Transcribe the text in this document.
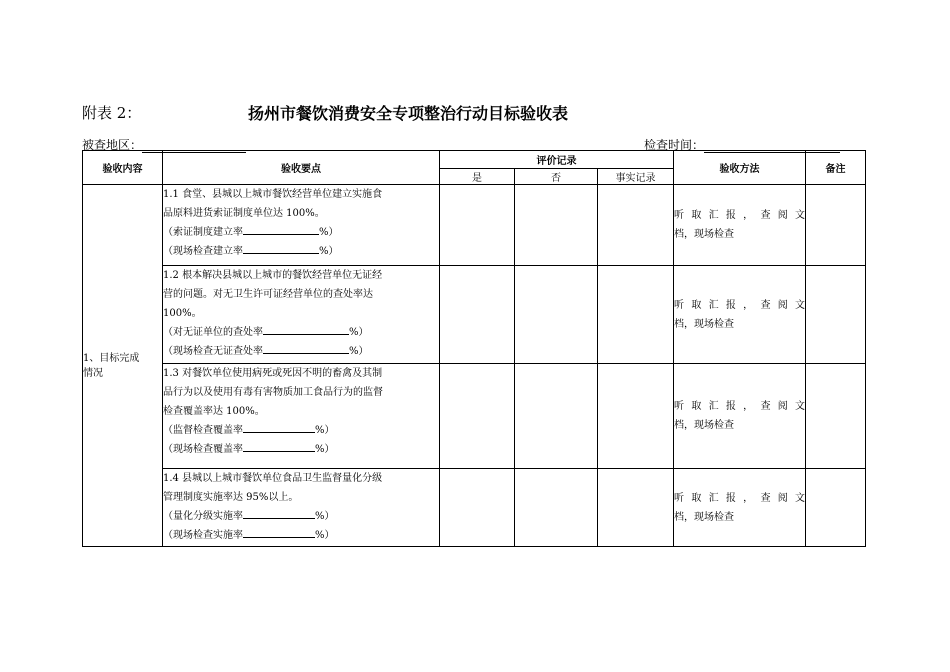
附表 2：	扬州市餐饮消费安全专项整治行动目标验收表
被查地区：	检查时间：
验收内容	验收要点	评价记录			验收方法	备注
		是	否	事实记录		

1、目标完成
情况	1.1 食堂、县城以上城市餐饮经营单位建立实施食
品原料进货索证制度单位达 100%。
（索证制度建立率 %）
（现场检查建立率 %）				听取汇报，查阅文
档，现场检查	

	1.2 根本解决县城以上城市的餐饮经营单位无证经
营的问题。对无卫生许可证经营单位的查处率达
100%。
（对无证单位的查处率 %）
（现场检查无证查处率 %）				听取汇报，查阅文
档，现场检查	

	1.3 对餐饮单位使用病死或死因不明的畜禽及其制
品行为以及使用有毒有害物质加工食品行为的监督
检查覆盖率达 100%。
（监督检查覆盖率 %）
（现场检查覆盖率 %）				听取汇报，查阅文
档，现场检查	

	1.4 县城以上城市餐饮单位食品卫生监督量化分级
管理制度实施率达 95%以上。
（量化分级实施率 %）
（现场检查实施率 %）				听取汇报，查阅文
档，现场检查	
